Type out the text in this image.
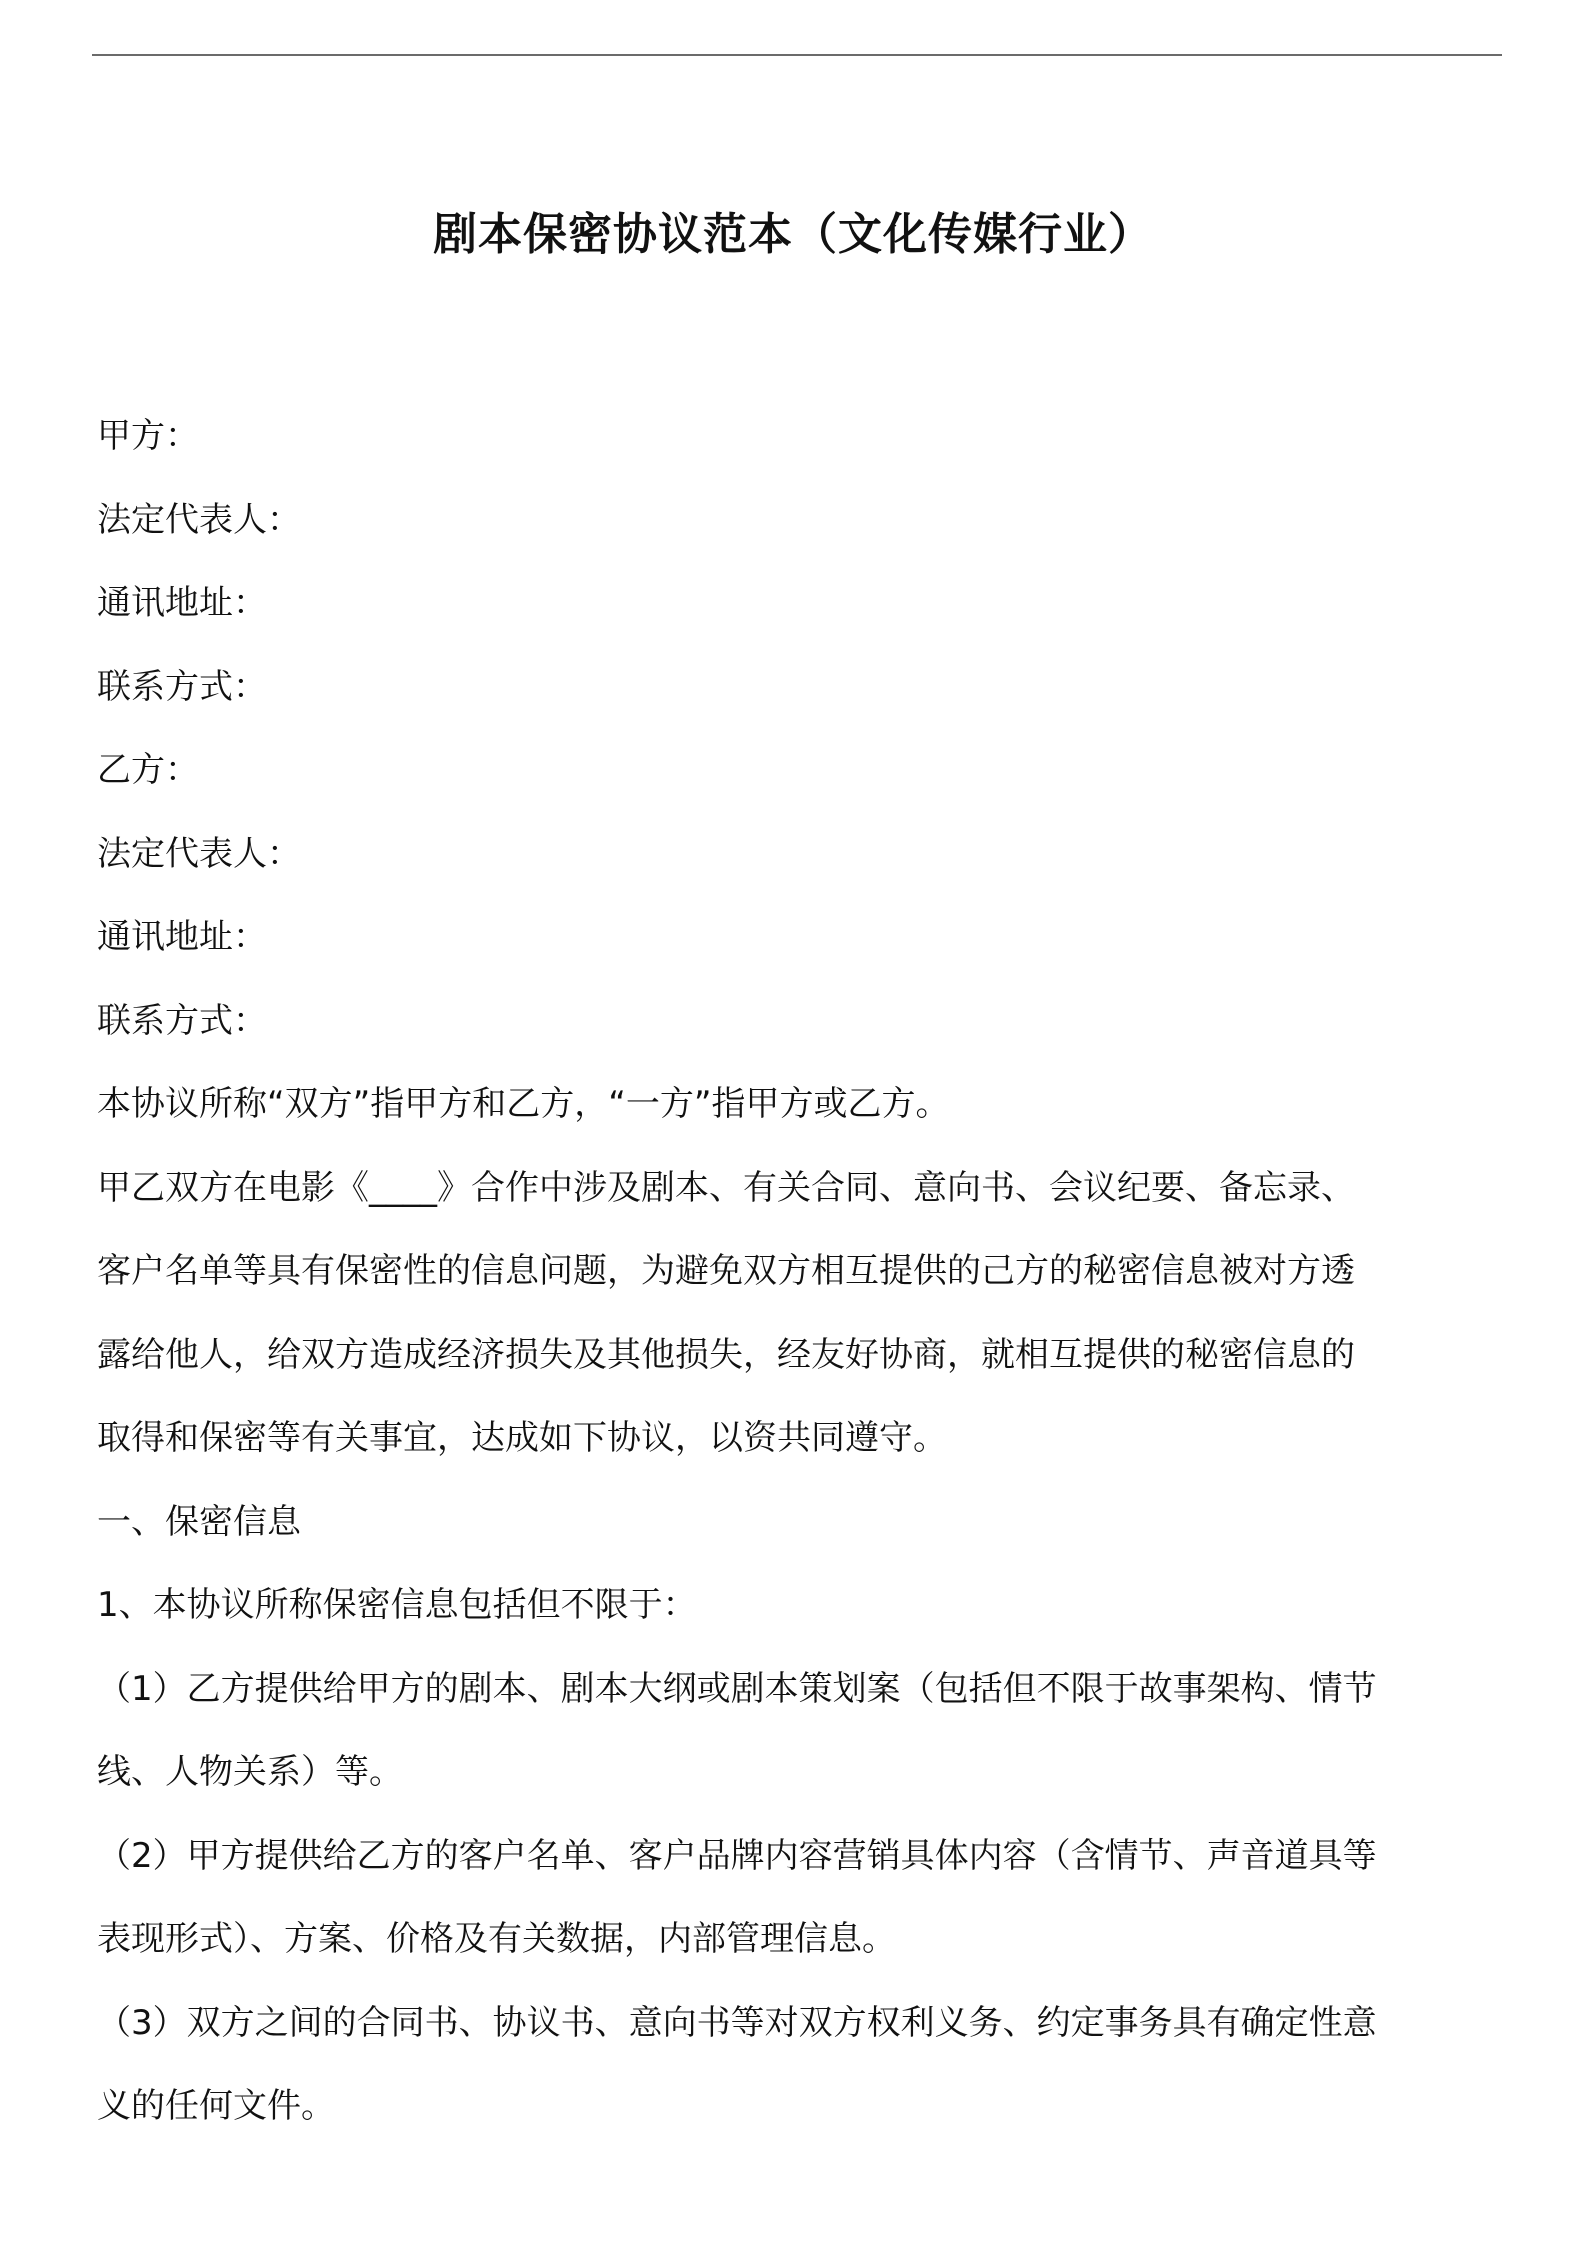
剧本保密协议范本（文化传媒行业）
甲方：
法定代表人：
通讯地址：
联系方式：
乙方：
法定代表人：
通讯地址：
联系方式：
本协议所称“双方”指甲方和乙方，“一方”指甲方或乙方。
甲乙双方在电影《____》合作中涉及剧本、有关合同、意向书、会议纪要、备忘录、
客户名单等具有保密性的信息问题，为避免双方相互提供的己方的秘密信息被对方透
露给他人，给双方造成经济损失及其他损失，经友好协商，就相互提供的秘密信息的
取得和保密等有关事宜，达成如下协议，以资共同遵守。
一、保密信息
1、本协议所称保密信息包括但不限于：
（1）乙方提供给甲方的剧本、剧本大纲或剧本策划案（包括但不限于故事架构、情节
线、人物关系）等。
（2）甲方提供给乙方的客户名单、客户品牌内容营销具体内容（含情节、声音道具等
表现形式）、方案、价格及有关数据，内部管理信息。
（3）双方之间的合同书、协议书、意向书等对双方权利义务、约定事务具有确定性意
义的任何文件。
